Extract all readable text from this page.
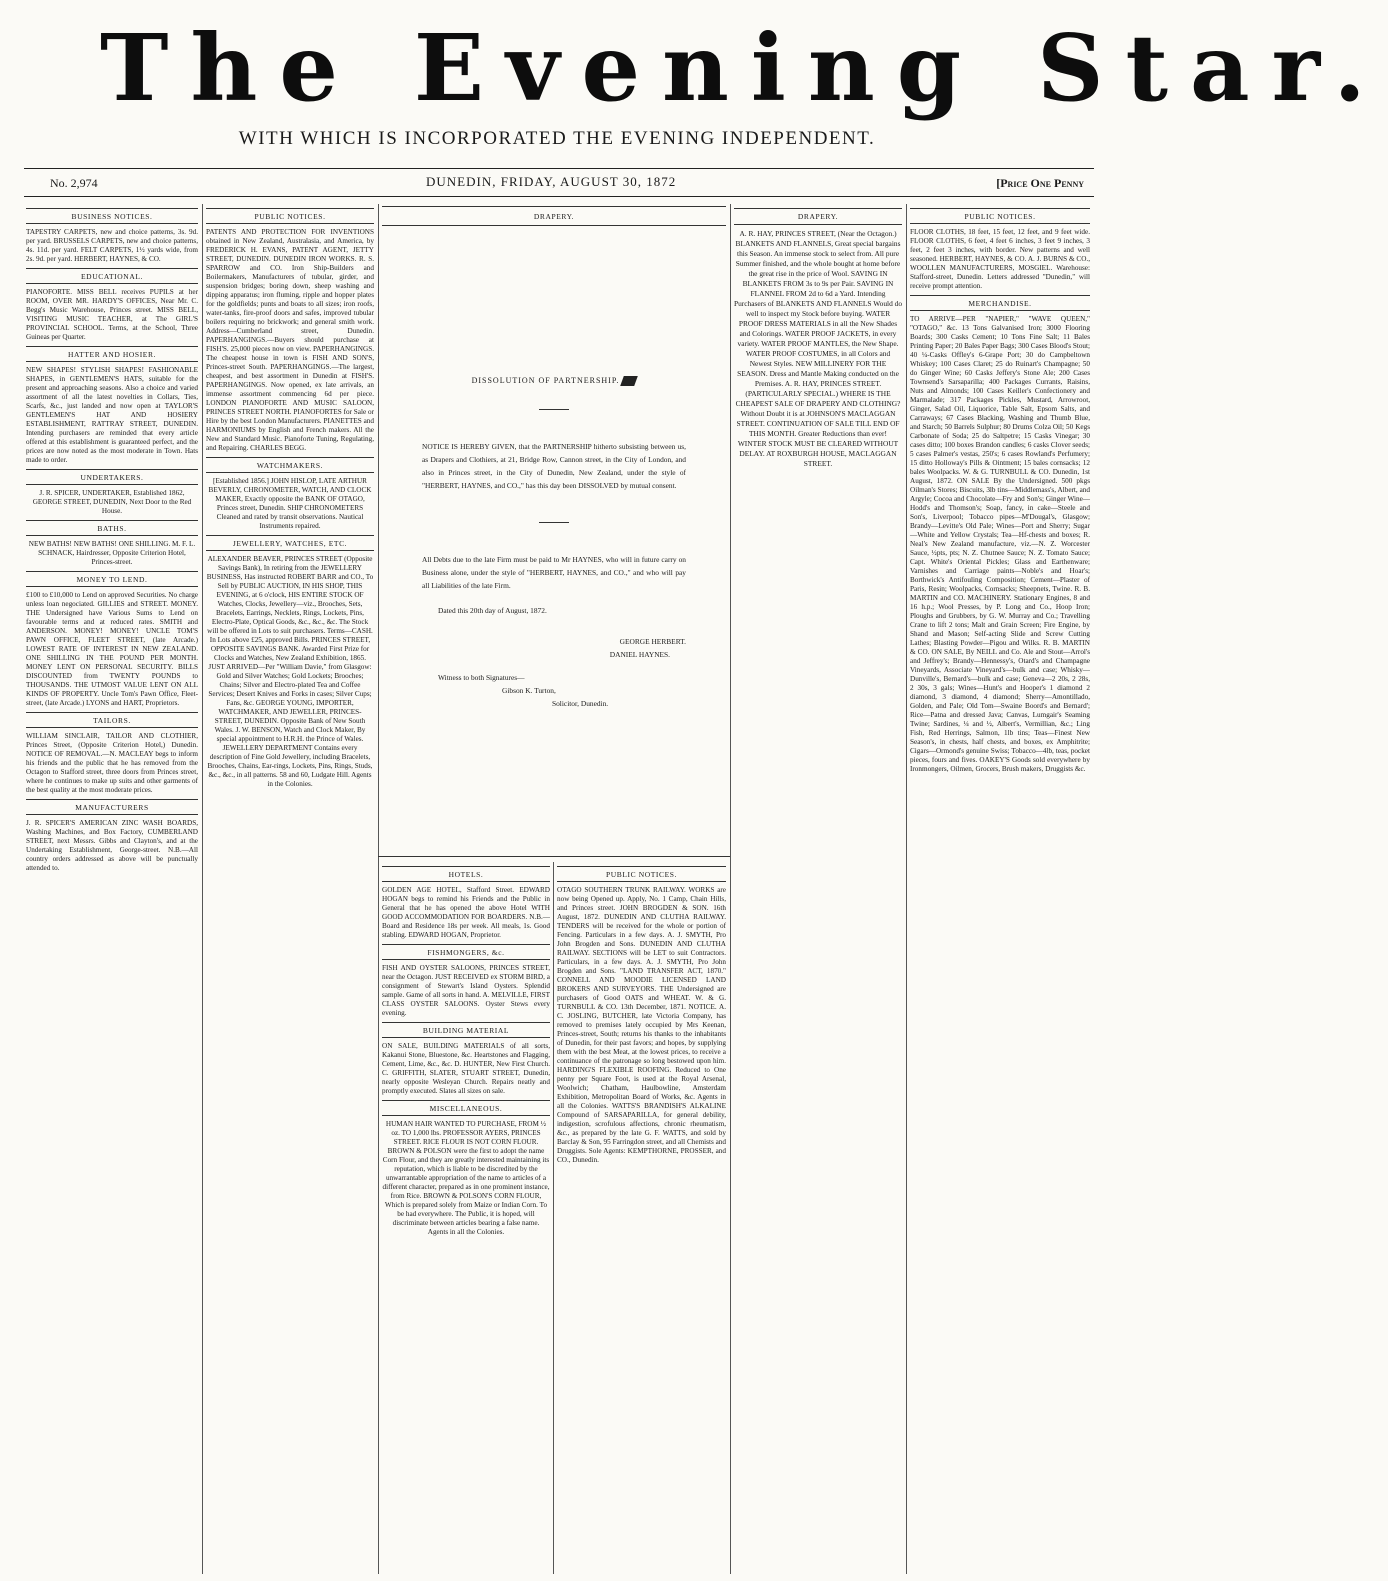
The Evening Star.
WITH WHICH IS INCORPORATED THE EVENING INDEPENDENT.
No. 2,974	DUNEDIN, FRIDAY, AUGUST 30, 1872	[Price One Penny
BUSINESS NOTICES.
TAPESTRY CARPETS, new and choice patterns, 3s. 9d. per yard. BRUSSELS CARPETS, new and choice patterns, 4s. 11d. per yard. FELT CARPETS, 1½ yards wide, from 2s. 9d. per yard. HERBERT, HAYNES, & CO.
EDUCATIONAL.
PIANOFORTE. MISS BELL receives PUPILS at her ROOM, OVER MR. HARDY'S OFFICES, Near Mr. C. Begg's Music Warehouse, Princes street. MISS BELL, VISITING MUSIC TEACHER, at The GIRL'S PROVINCIAL SCHOOL. Terms, at the School, Three Guineas per Quarter.
HATTER AND HOSIER.
NEW SHAPES! STYLISH SHAPES! FASHIONABLE SHAPES, in GENTLEMEN'S HATS, suitable for the present and approaching seasons. Also a choice and varied assortment of all the latest novelties in Collars, Ties, Scarfs, &c., just landed and now open at TAYLOR'S GENTLEMEN'S HAT AND HOSIERY ESTABLISHMENT, RATTRAY STREET, DUNEDIN. Intending purchasers are reminded that every article offered at this establishment is guaranteed perfect, and the prices are now noted as the most moderate in Town. Hats made to order.
UNDERTAKERS.
J. R. SPICER, UNDERTAKER, Established 1862, GEORGE STREET, DUNEDIN, Next Door to the Red House.
BATHS.
NEW BATHS! NEW BATHS! ONE SHILLING. M. F. L. SCHNACK, Hairdresser, Opposite Criterion Hotel, Princes-street.
MONEY TO LEND.
£100 to £10,000 to Lend on approved Securities. No charge unless loan negociated. GILLIES and STREET. MONEY. THE Undersigned have Various Sums to Lend on favourable terms and at reduced rates. SMITH and ANDERSON. MONEY! MONEY! UNCLE TOM'S PAWN OFFICE, FLEET STREET, (late Arcade.) LOWEST RATE OF INTEREST IN NEW ZEALAND. ONE SHILLING IN THE POUND PER MONTH. MONEY LENT ON PERSONAL SECURITY. BILLS DISCOUNTED from TWENTY POUNDS to THOUSANDS. THE UTMOST VALUE LENT ON ALL KINDS OF PROPERTY. Uncle Tom's Pawn Office, Fleet-street, (late Arcade.) LYONS and HART, Proprietors.
TAILORS.
WILLIAM SINCLAIR, TAILOR AND CLOTHIER, Princes Street, (Opposite Criterion Hotel,) Dunedin. NOTICE OF REMOVAL.—N. MACLEAY begs to inform his friends and the public that he has removed from the Octagon to Stafford street, three doors from Princes street, where he continues to make up suits and other garments of the best quality at the most moderate prices.
MANUFACTURERS
J. R. SPICER'S AMERICAN ZINC WASH BOARDS, Washing Machines, and Box Factory, CUMBERLAND STREET, next Messrs. Gibbs and Clayton's, and at the Undertaking Establishment, George-street. N.B.—All country orders addressed as above will be punctually attended to.
PUBLIC NOTICES.
PATENTS AND PROTECTION FOR INVENTIONS obtained in New Zealand, Australasia, and America, by FREDERICK H. EVANS, PATENT AGENT, JETTY STREET, DUNEDIN. DUNEDIN IRON WORKS. R. S. SPARROW and CO. Iron Ship-Builders and Boilermakers, Manufacturers of tubular, girder, and suspension bridges; boring down, sheep washing and dipping apparatus; iron fluming, ripple and hopper plates for the goldfields; punts and boats to all sizes; iron roofs, water-tanks, fire-proof doors and safes, improved tubular boilers requiring no brickwork; and general smith work. Address—Cumberland street, Dunedin. PAPERHANGINGS.—Buyers should purchase at FISH'S. 25,000 pieces now on view. PAPERHANGINGS. The cheapest house in town is FISH AND SON'S, Princes-street South. PAPERHANGINGS.—The largest, cheapest, and best assortment in Dunedin at FISH'S. PAPERHANGINGS. Now opened, ex late arrivals, an immense assortment commencing 6d per piece. LONDON PIANOFORTE AND MUSIC SALOON, PRINCES STREET NORTH. PIANOFORTES for Sale or Hire by the best London Manufacturers. PIANETTES and HARMONIUMS by English and French makers. All the New and Standard Music. Pianoforte Tuning, Regulating, and Repairing. CHARLES BEGG.
WATCHMAKERS.
[Established 1856.] JOHN HISLOP, LATE ARTHUR BEVERLY, CHRONOMETER, WATCH, AND CLOCK MAKER, Exactly opposite the BANK OF OTAGO, Princes street, Dunedin. SHIP CHRONOMETERS Cleaned and rated by transit observations. Nautical Instruments repaired.
JEWELLERY, WATCHES, ETC.
ALEXANDER BEAVER, PRINCES STREET (Opposite Savings Bank), In retiring from the JEWELLERY BUSINESS, Has instructed ROBERT BARR and CO., To Sell by PUBLIC AUCTION, IN HIS SHOP, THIS EVENING, at 6 o'clock, HIS ENTIRE STOCK OF Watches, Clocks, Jewellery—viz., Brooches, Sets, Bracelets, Earrings, Necklets, Rings, Lockets, Pins, Electro-Plate, Optical Goods, &c., &c., &c. The Stock will be offered in Lots to suit purchasers. Terms—CASH. In Lots above £25, approved Bills. PRINCES STREET, OPPOSITE SAVINGS BANK. Awarded First Prize for Clocks and Watches, New Zealand Exhibition, 1865. JUST ARRIVED—Per "William Davie," from Glasgow: Gold and Silver Watches; Gold Lockets; Brooches; Chains; Silver and Electro-plated Tea and Coffee Services; Desert Knives and Forks in cases; Silver Cups; Fans, &c. GEORGE YOUNG, IMPORTER, WATCHMAKER, AND JEWELLER, PRINCES-STREET, DUNEDIN. Opposite Bank of New South Wales. J. W. BENSON, Watch and Clock Maker, By special appointment to H.R.H. the Prince of Wales. JEWELLERY DEPARTMENT Contains every description of Fine Gold Jewellery, including Bracelets, Brooches, Chains, Ear-rings, Lockets, Pins, Rings, Studs, &c., &c., in all patterns. 58 and 60, Ludgate Hill. Agents in the Colonies.
DRAPERY.
DISSOLUTION OF PARTNERSHIP.

NOTICE IS HEREBY GIVEN, that the PARTNERSHIP hitherto subsisting between us, as Drapers and Clothiers, at 21, Bridge Row, Cannon street, in the City of London, and also in Princes street, in the City of Dunedin, New Zealand, under the style of "HERBERT, HAYNES, and CO.," has this day been DISSOLVED by mutual consent.

All Debts due to the late Firm must be paid to Mr HAYNES, who will in future carry on Business alone, under the style of "HERBERT, HAYNES, and CO.," and who will pay all Liabilities of the late Firm.

Dated this 20th day of August, 1872.

GEORGE HERBERT.

DANIEL HAYNES.

Witness to both Signatures—

Gibson K. Turton,

Solicitor, Dunedin.

HOTELS.
GOLDEN AGE HOTEL, Stafford Street. EDWARD HOGAN begs to remind his Friends and the Public in General that he has opened the above Hotel WITH GOOD ACCOMMODATION FOR BOARDERS. N.B.—Board and Residence 18s per week. All meals, 1s. Good stabling. EDWARD HOGAN, Proprietor.
FISHMONGERS, &c.
FISH AND OYSTER SALOONS, PRINCES STREET, near the Octagon. JUST RECEIVED ex STORM BIRD, a consignment of Stewart's Island Oysters. Splendid sample. Game of all sorts in hand. A. MELVILLE, FIRST CLASS OYSTER SALOONS. Oyster Stews every evening.
BUILDING MATERIAL
ON SALE, BUILDING MATERIALS of all sorts, Kakanui Stone, Bluestone, &c. Heartstones and Flagging, Cement, Lime, &c., &c. D. HUNTER, New First Church. C. GRIFFITH, SLATER, STUART STREET, Dunedin, nearly opposite Wesleyan Church. Repairs neatly and promptly executed. Slates all sizes on sale.
MISCELLANEOUS.
HUMAN HAIR WANTED TO PURCHASE, FROM ½ oz. TO 1,000 lbs. PROFESSOR AYERS, PRINCES STREET. RICE FLOUR IS NOT CORN FLOUR. BROWN & POLSON were the first to adopt the name Corn Flour, and they are greatly interested maintaining its reputation, which is liable to be discredited by the unwarrantable appropriation of the name to articles of a different character, prepared as in one prominent instance, from Rice. BROWN & POLSON'S CORN FLOUR, Which is prepared solely from Maize or Indian Corn. To be had everywhere. The Public, it is hoped, will discriminate between articles bearing a false name. Agents in all the Colonies.
PUBLIC NOTICES.
OTAGO SOUTHERN TRUNK RAILWAY. WORKS are now being Opened up. Apply, No. 1 Camp, Chain Hills, and Princes street. JOHN BROGDEN & SON. 16th August, 1872. DUNEDIN AND CLUTHA RAILWAY. TENDERS will be received for the whole or portion of Fencing. Particulars in a few days. A. J. SMYTH, Pro John Brogden and Sons. DUNEDIN AND CLUTHA RAILWAY. SECTIONS will be LET to suit Contractors. Particulars, in a few days. A. J. SMYTH, Pro John Brogden and Sons. "LAND TRANSFER ACT, 1870." CONNELL AND MOODIE LICENSED LAND BROKERS AND SURVEYORS. THE Undersigned are purchasers of Good OATS and WHEAT. W. & G. TURNBULL & CO. 13th December, 1871. NOTICE. A. C. JOSLING, BUTCHER, late Victoria Company, has removed to premises lately occupied by Mrs Keenan, Princes-street, South; returns his thanks to the inhabitants of Dunedin, for their past favors; and hopes, by supplying them with the best Meat, at the lowest prices, to receive a continuance of the patronage so long bestowed upon him. HARDING'S FLEXIBLE ROOFING. Reduced to One penny per Square Foot, is used at the Royal Arsenal, Woolwich; Chatham, Haulbowline, Amsterdam Exhibition, Metropolitan Board of Works, &c. Agents in all the Colonies. WATTS'S BRANDISH'S ALKALINE Compound of SARSAPARILLA, for general debility, indigestion, scrofulous affections, chronic rheumatism, &c., as prepared by the late G. F. WATTS, and sold by Barclay & Son, 95 Farringdon street, and all Chemists and Druggists. Sole Agents: KEMPTHORNE, PROSSER, and CO., Dunedin.
DRAPERY.
A. R. HAY, PRINCES STREET, (Near the Octagon.) BLANKETS AND FLANNELS, Great special bargains this Season. An immense stock to select from. All pure Summer finished, and the whole bought at home before the great rise in the price of Wool. SAVING IN BLANKETS FROM 3s to 9s per Pair. SAVING IN FLANNEL FROM 2d to 6d a Yard. Intending Purchasers of BLANKETS AND FLANNELS Would do well to inspect my Stock before buying. WATER PROOF DRESS MATERIALS in all the New Shades and Colorings. WATER PROOF JACKETS, in every variety. WATER PROOF MANTLES, the New Shape. WATER PROOF COSTUMES, in all Colors and Newest Styles. NEW MILLINERY FOR THE SEASON. Dress and Mantle Making conducted on the Premises. A. R. HAY, PRINCES STREET. (PARTICULARLY SPECIAL.) WHERE IS THE CHEAPEST SALE OF DRAPERY AND CLOTHING? Without Doubt it is at JOHNSON'S MACLAGGAN STREET. CONTINUATION OF SALE TILL END OF THIS MONTH. Greater Reductions than ever! WINTER STOCK MUST BE CLEARED WITHOUT DELAY. AT ROXBURGH HOUSE, MACLAGGAN STREET.
PUBLIC NOTICES.
FLOOR CLOTHS, 18 feet, 15 feet, 12 feet, and 9 feet wide. FLOOR CLOTHS, 6 feet, 4 feet 6 inches, 3 feet 9 inches, 3 feet, 2 feet 3 inches, with border. New patterns and well seasoned. HERBERT, HAYNES, & CO. A. J. BURNS & CO., WOOLLEN MANUFACTURERS, MOSGIEL. Warehouse: Stafford-street, Dunedin. Letters addressed "Dunedin," will receive prompt attention.
MERCHANDISE.
TO ARRIVE—PER "NAPIER," "WAVE QUEEN," "OTAGO," &c. 13 Tons Galvanised Iron; 3000 Flooring Boards; 300 Casks Cement; 10 Tons Fine Salt; 11 Bales Printing Paper; 20 Bales Paper Bags; 300 Cases Blood's Stout; 40 ¼-Casks Offley's 6-Grape Port; 30 do Campbeltown Whiskey; 100 Cases Claret; 25 do Ruinart's Champagne; 50 do Ginger Wine; 60 Casks Jeffery's Stone Ale; 200 Cases Townsend's Sarsaparilla; 400 Packages Currants, Raisins, Nuts and Almonds; 100 Cases Keiller's Confectionery and Marmalade; 317 Packages Pickles, Mustard, Arrowroot, Ginger, Salad Oil, Liquorice, Table Salt, Epsom Salts, and Carraways; 67 Cases Blacking, Washing and Thumb Blue, and Starch; 50 Barrels Sulphur; 80 Drums Colza Oil; 50 Kegs Carbonate of Soda; 25 do Saltpetre; 15 Casks Vinegar; 30 cases ditto; 100 boxes Brandon candles; 6 casks Clover seeds; 5 cases Palmer's vestas, 250's; 6 cases Rowland's Perfumery; 15 ditto Holloway's Pills & Ointment; 15 bales cornsacks; 12 bales Woolpacks. W. & G. TURNBULL & CO. Dunedin, 1st August, 1872. ON SALE By the Undersigned. 500 pkgs Oilman's Stores; Biscuits, 3lb tins—Middlemass's, Albert, and Argyle; Cocoa and Chocolate—Fry and Son's; Ginger Wine—Hodd's and Thomson's; Soap, fancy, in cake—Steele and Son's, Liverpool; Tobacco pipes—M'Dougal's, Glasgow; Brandy—Levitte's Old Pale; Wines—Port and Sherry; Sugar—White and Yellow Crystals; Tea—Hf-chests and boxes; R. Neal's New Zealand manufacture, viz.—N. Z. Worcester Sauce, ½pts, pts; N. Z. Chutnee Sauce; N. Z. Tomato Sauce; Capt. White's Oriental Pickles; Glass and Earthenware; Varnishes and Carriage paints—Noble's and Hoar's; Borthwick's Antifouling Composition; Cement—Plaster of Paris, Resin; Woolpacks, Cornsacks; Sheepnets, Twine. R. B. MARTIN and CO. MACHINERY. Stationary Engines, 8 and 16 h.p.; Wool Presses, by P. Long and Co., Hoop Iron; Ploughs and Grubbers, by G. W. Murray and Co.; Travelling Crane to lift 2 tons; Malt and Grain Screen; Fire Engine, by Shand and Mason; Self-acting Slide and Screw Cutting Lathes; Blasting Powder—Pigou and Wilks. R. B. MARTIN & CO. ON SALE, By NEILL and Co. Ale and Stout—Arrol's and Jeffrey's; Brandy—Hennessy's, Otard's and Champagne Vineyards, Associate Vineyard's—bulk and case; Whisky—Dunville's, Bernard's—bulk and case; Geneva—2 20s, 2 28s, 2 30s, 3 gals; Wines—Hunt's and Hooper's 1 diamond 2 diamond, 3 diamond, 4 diamond; Sherry—Amontillado, Golden, and Pale; Old Tom—Swaine Boord's and Bernard'; Rice—Patna and dressed Java; Canvas, Lumgair's Seaming Twine; Sardines, ¼ and ½, Albert's, Vermillian, &c.; Ling Fish, Red Herrings, Salmon, 1lb tins; Teas—Finest New Season's, in chests, half chests, and boxes, ex Amphitrite; Cigars—Ormond's genuine Swiss; Tobacco—4lb, teas, pocket pieces, fours and fives. OAKEY'S Goods sold everywhere by Ironmongers, Oilmen, Grocers, Brush makers, Druggists &c.
